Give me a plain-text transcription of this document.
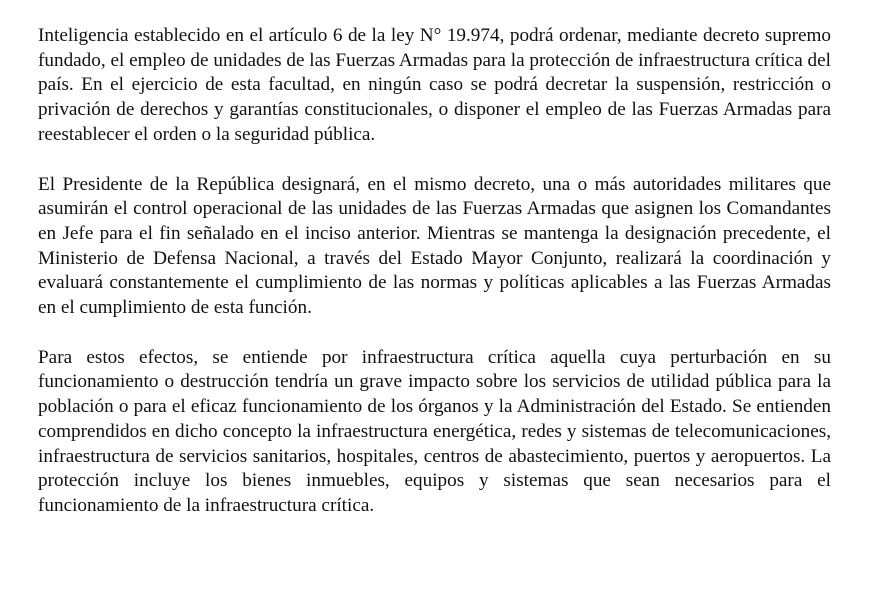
Inteligencia establecido en el artículo 6 de la ley N° 19.974, podrá ordenar, mediante decreto supremo fundado, el empleo de unidades de las Fuerzas Armadas para la protección de infraestructura crítica del país. En el ejercicio de esta facultad, en ningún caso se podrá decretar la suspensión, restricción o privación de derechos y garantías constitucionales, o disponer el empleo de las Fuerzas Armadas para reestablecer el orden o la seguridad pública.

El Presidente de la República designará, en el mismo decreto, una o más autoridades militares que asumirán el control operacional de las unidades de las Fuerzas Armadas que asignen los Comandantes en Jefe para el fin señalado en el inciso anterior. Mientras se mantenga la designación precedente, el Ministerio de Defensa Nacional, a través del Estado Mayor Conjunto, realizará la coordinación y evaluará constantemente el cumplimiento de las normas y políticas aplicables a las Fuerzas Armadas en el cumplimiento de esta función.

Para estos efectos, se entiende por infraestructura crítica aquella cuya perturbación en su funcionamiento o destrucción tendría un grave impacto sobre los servicios de utilidad pública para la población o para el eficaz funcionamiento de los órganos y la Administración del Estado. Se entienden comprendidos en dicho concepto la infraestructura energética, redes y sistemas de telecomunicaciones, infraestructura de servicios sanitarios, hospitales, centros de abastecimiento, puertos y aeropuertos. La protección incluye los bienes inmuebles, equipos y sistemas que sean necesarios para el funcionamiento de la infraestructura crítica.
